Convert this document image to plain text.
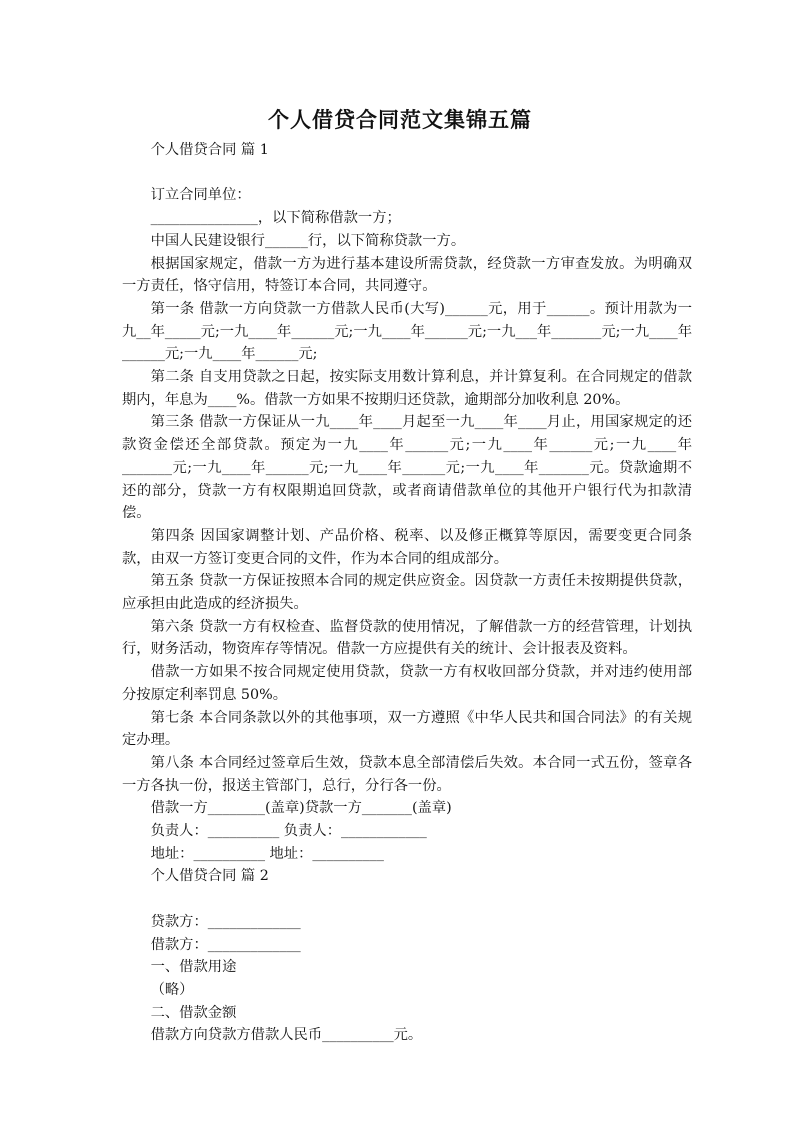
个人借贷合同范文集锦五篇

个人借贷合同 篇 1

订立合同单位：

_______________，以下简称借款一方；

中国人民建设银行______行，以下简称贷款一方。

根据国家规定，借款一方为进行基本建设所需贷款，经贷款一方审查发放。为明确双一方责任，恪守信用，特签订本合同，共同遵守。

第一条 借款一方向贷款一方借款人民币(大写)______元，用于______。预计用款为一九__年_____元;一九____年______元;一九____年______元;一九___年_______元;一九____年______元;一九____年______元;

第二条 自支用贷款之日起，按实际支用数计算利息，并计算复利。在合同规定的借款期内，年息为____%。借款一方如果不按期归还贷款，逾期部分加收利息 20%。

第三条 借款一方保证从一九____年____月起至一九____年____月止，用国家规定的还款资金偿还全部贷款。预定为一九____年______元;一九____年______元;一九____年_______元;一九____年______元;一九____年______元;一九____年_______元。贷款逾期不还的部分，贷款一方有权限期追回贷款，或者商请借款单位的其他开户银行代为扣款清偿。

第四条 因国家调整计划、产品价格、税率、以及修正概算等原因，需要变更合同条款，由双一方签订变更合同的文件，作为本合同的组成部分。

第五条 贷款一方保证按照本合同的规定供应资金。因贷款一方责任未按期提供贷款，应承担由此造成的经济损失。

第六条 贷款一方有权检查、监督贷款的使用情况，了解借款一方的经营管理，计划执行，财务活动，物资库存等情况。借款一方应提供有关的统计、会计报表及资料。

借款一方如果不按合同规定使用贷款，贷款一方有权收回部分贷款，并对违约使用部分按原定利率罚息 50%。

第七条 本合同条款以外的其他事项，双一方遵照《中华人民共和国合同法》的有关规定办理。

第八条 本合同经过签章后生效，贷款本息全部清偿后失效。本合同一式五份，签章各一方各执一份，报送主管部门，总行，分行各一份。

借款一方________(盖章)贷款一方_______(盖章)

负责人：__________ 负责人：____________

地址：__________ 地址：__________

个人借贷合同 篇 2

贷款方：_____________

借款方：_____________

一、借款用途

（略）

二、借款金额

借款方向贷款方借款人民币__________元。
